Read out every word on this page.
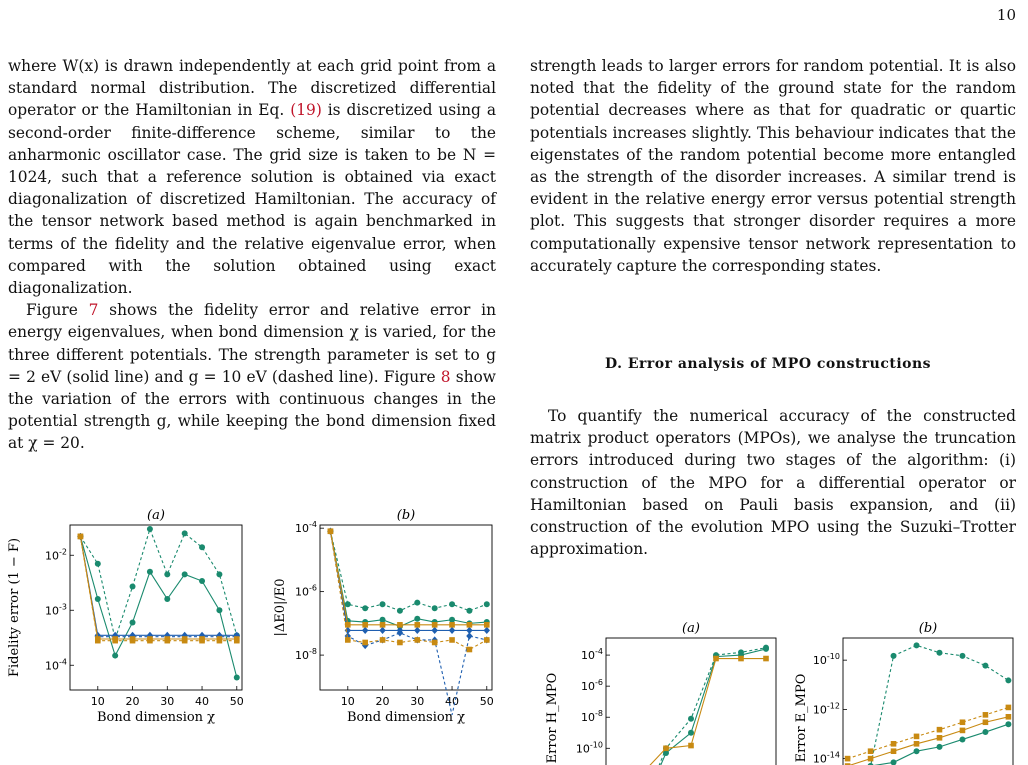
10

where W(x) is drawn independently at each grid point from a standard normal distribution. The discretized differential operator or the Hamiltonian in Eq. (19) is discretized using a second-order finite-difference scheme, similar to the anharmonic oscillator case. The grid size is taken to be N = 1024, such that a reference solution is obtained via exact diagonalization of discretized Hamiltonian. The accuracy of the tensor network based method is again benchmarked in terms of the fidelity and the relative eigenvalue error, when compared with the solution obtained using exact diagonalization.

Figure 7 shows the fidelity error and relative error in energy eigenvalues, when bond dimension χ is varied, for the three different potentials. The strength parameter is set to g = 2 eV (solid line) and g = 10 eV (dashed line). Figure 8 show the variation of the errors with continuous changes in the potential strength g, while keeping the bond dimension fixed at χ = 20.

strength leads to larger errors for random potential. It is also noted that the fidelity of the ground state for the random potential decreases where as that for quadratic or quartic potentials increases slightly. This behaviour indicates that the eigenstates of the random potential become more entangled as the strength of the disorder increases. A similar trend is evident in the relative energy error versus potential strength plot. This suggests that stronger disorder requires a more computationally expensive tensor network representation to accurately capture the corresponding states.

D. Error analysis of MPO constructions

To quantify the numerical accuracy of the constructed matrix product operators (MPOs), we analyse the truncation errors introduced during two stages of the algorithm: (i) construction of the MPO for a differential operator or Hamiltonian based on Pauli basis expansion, and (ii) construction of the evolution MPO using the Suzuki–Trotter approximation.

(a)
$10^{-4}$
$10^{-3}$
$10^{-2}$
10 20 30 40 50
Bond dimension χ
Fidelity error (1 − F)
(b)
$10^{-8}$
$10^{-6}$
$10^{-4}$
10 20 30 40 50
Bond dimension χ
|ΔE0|/E0	(a)
$10^{-10}$
$10^{-8}$
$10^{-6}$
$10^{-4}$
Error H_MPO
(b)
$10^{-14}$
$10^{-12}$
$10^{-10}$
Error E_MPO
